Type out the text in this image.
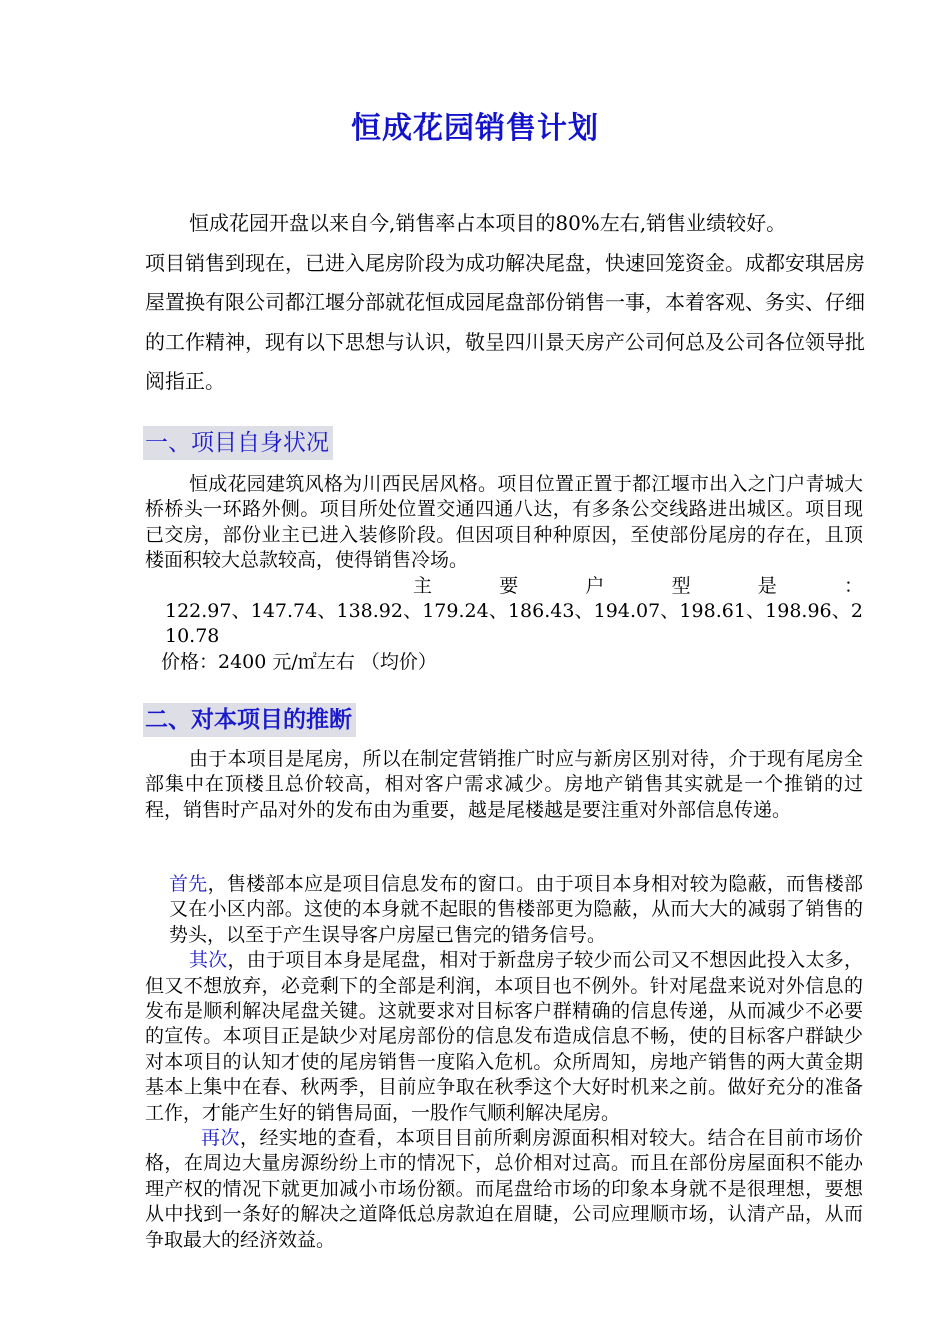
恒成花园销售计划

恒成花园开盘以来自今,销售率占本项目的80%左右,销售业绩较好。

项目销售到现在，已进入尾房阶段为成功解决尾盘，快速回笼资金。成都安琪居房屋置换有限公司都江堰分部就花恒成园尾盘部份销售一事，本着客观、务实、仔细的工作精神，现有以下思想与认识，敬呈四川景天房产公司何总及公司各位领导批阅指正。

一、项目自身状况

恒成花园建筑风格为川西民居风格。项目位置正置于都江堰市出入之门户青城大桥桥头一环路外侧。项目所处位置交通四通八达，有多条公交线路进出城区。项目现已交房，部份业主已进入装修阶段。但因项目种种原因，至使部份尾房的存在，且顶楼面积较大总款较高，使得销售冷场。

主	要	户	型	是	：

122.97、147.74、138.92、179.24、186.43、194.07、198.61、198.96、210.78

价格：2400 元/㎡左右 （均价）

二、对本项目的推断

由于本项目是尾房，所以在制定营销推广时应与新房区别对待，介于现有尾房全部集中在顶楼且总价较高，相对客户需求减少。房地产销售其实就是一个推销的过程，销售时产品对外的发布由为重要，越是尾楼越是要注重对外部信息传递。

首先，售楼部本应是项目信息发布的窗口。由于项目本身相对较为隐蔽，而售楼部又在小区内部。这使的本身就不起眼的售楼部更为隐蔽，从而大大的减弱了销售的势头，以至于产生误导客户房屋已售完的错务信号。

其次，由于项目本身是尾盘，相对于新盘房子较少而公司又不想因此投入太多，但又不想放弃，必竞剩下的全部是利润，本项目也不例外。针对尾盘来说对外信息的发布是顺利解决尾盘关键。这就要求对目标客户群精确的信息传递，从而减少不必要的宣传。本项目正是缺少对尾房部份的信息发布造成信息不畅，使的目标客户群缺少对本项目的认知才使的尾房销售一度陷入危机。众所周知，房地产销售的两大黄金期基本上集中在春、秋两季，目前应争取在秋季这个大好时机来之前。做好充分的准备工作，才能产生好的销售局面，一股作气顺利解决尾房。

再次，经实地的查看，本项目目前所剩房源面积相对较大。结合在目前市场价格，在周边大量房源纷纷上市的情况下，总价相对过高。而且在部份房屋面积不能办理产权的情况下就更加减小市场份额。而尾盘给市场的印象本身就不是很理想，要想从中找到一条好的解决之道降低总房款迫在眉睫，公司应理顺市场，认清产品，从而争取最大的经济效益。
